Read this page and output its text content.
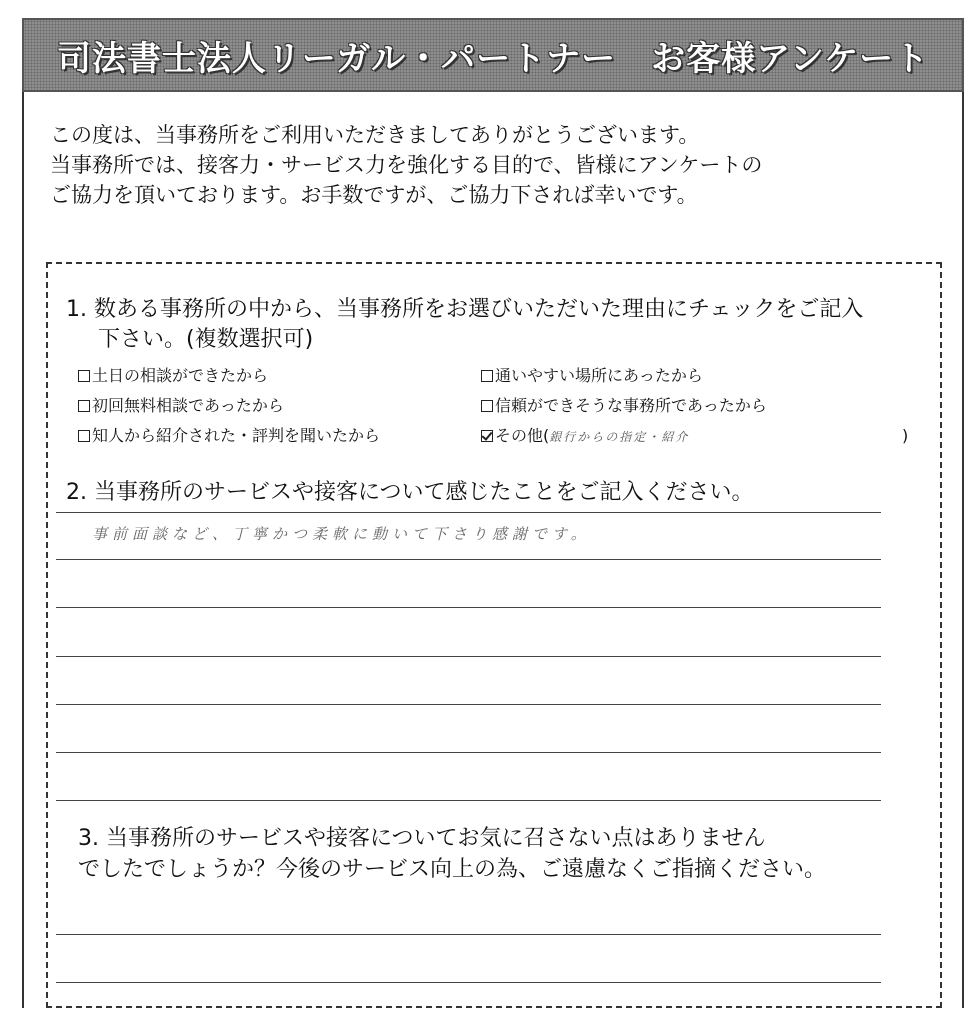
司法書士法人リーガル・パートナー　お客様アンケート
この度は、当事務所をご利用いただきましてありがとうございます。
当事務所では、接客力・サービス力を強化する目的で、皆様にアンケートの
ご協力を頂いております。お手数ですが、ご協力下されば幸いです。
1. 数ある事務所の中から、当事務所をお選びいただいた理由にチェックをご記入
下さい。(複数選択可)
土日の相談ができたから	通いやすい場所にあったから
初回無料相談であったから	信頼ができそうな事務所であったから
知人から紹介された・評判を聞いたから	その他(銀行からの指定・紹介	)
2. 当事務所のサービスや接客について感じたことをご記入ください。
事前面談など、丁寧かつ柔軟に動いて下さり感謝です。
3. 当事務所のサービスや接客についてお気に召さない点はありません
でしたでしょうか？今後のサービス向上の為、ご遠慮なくご指摘ください。
